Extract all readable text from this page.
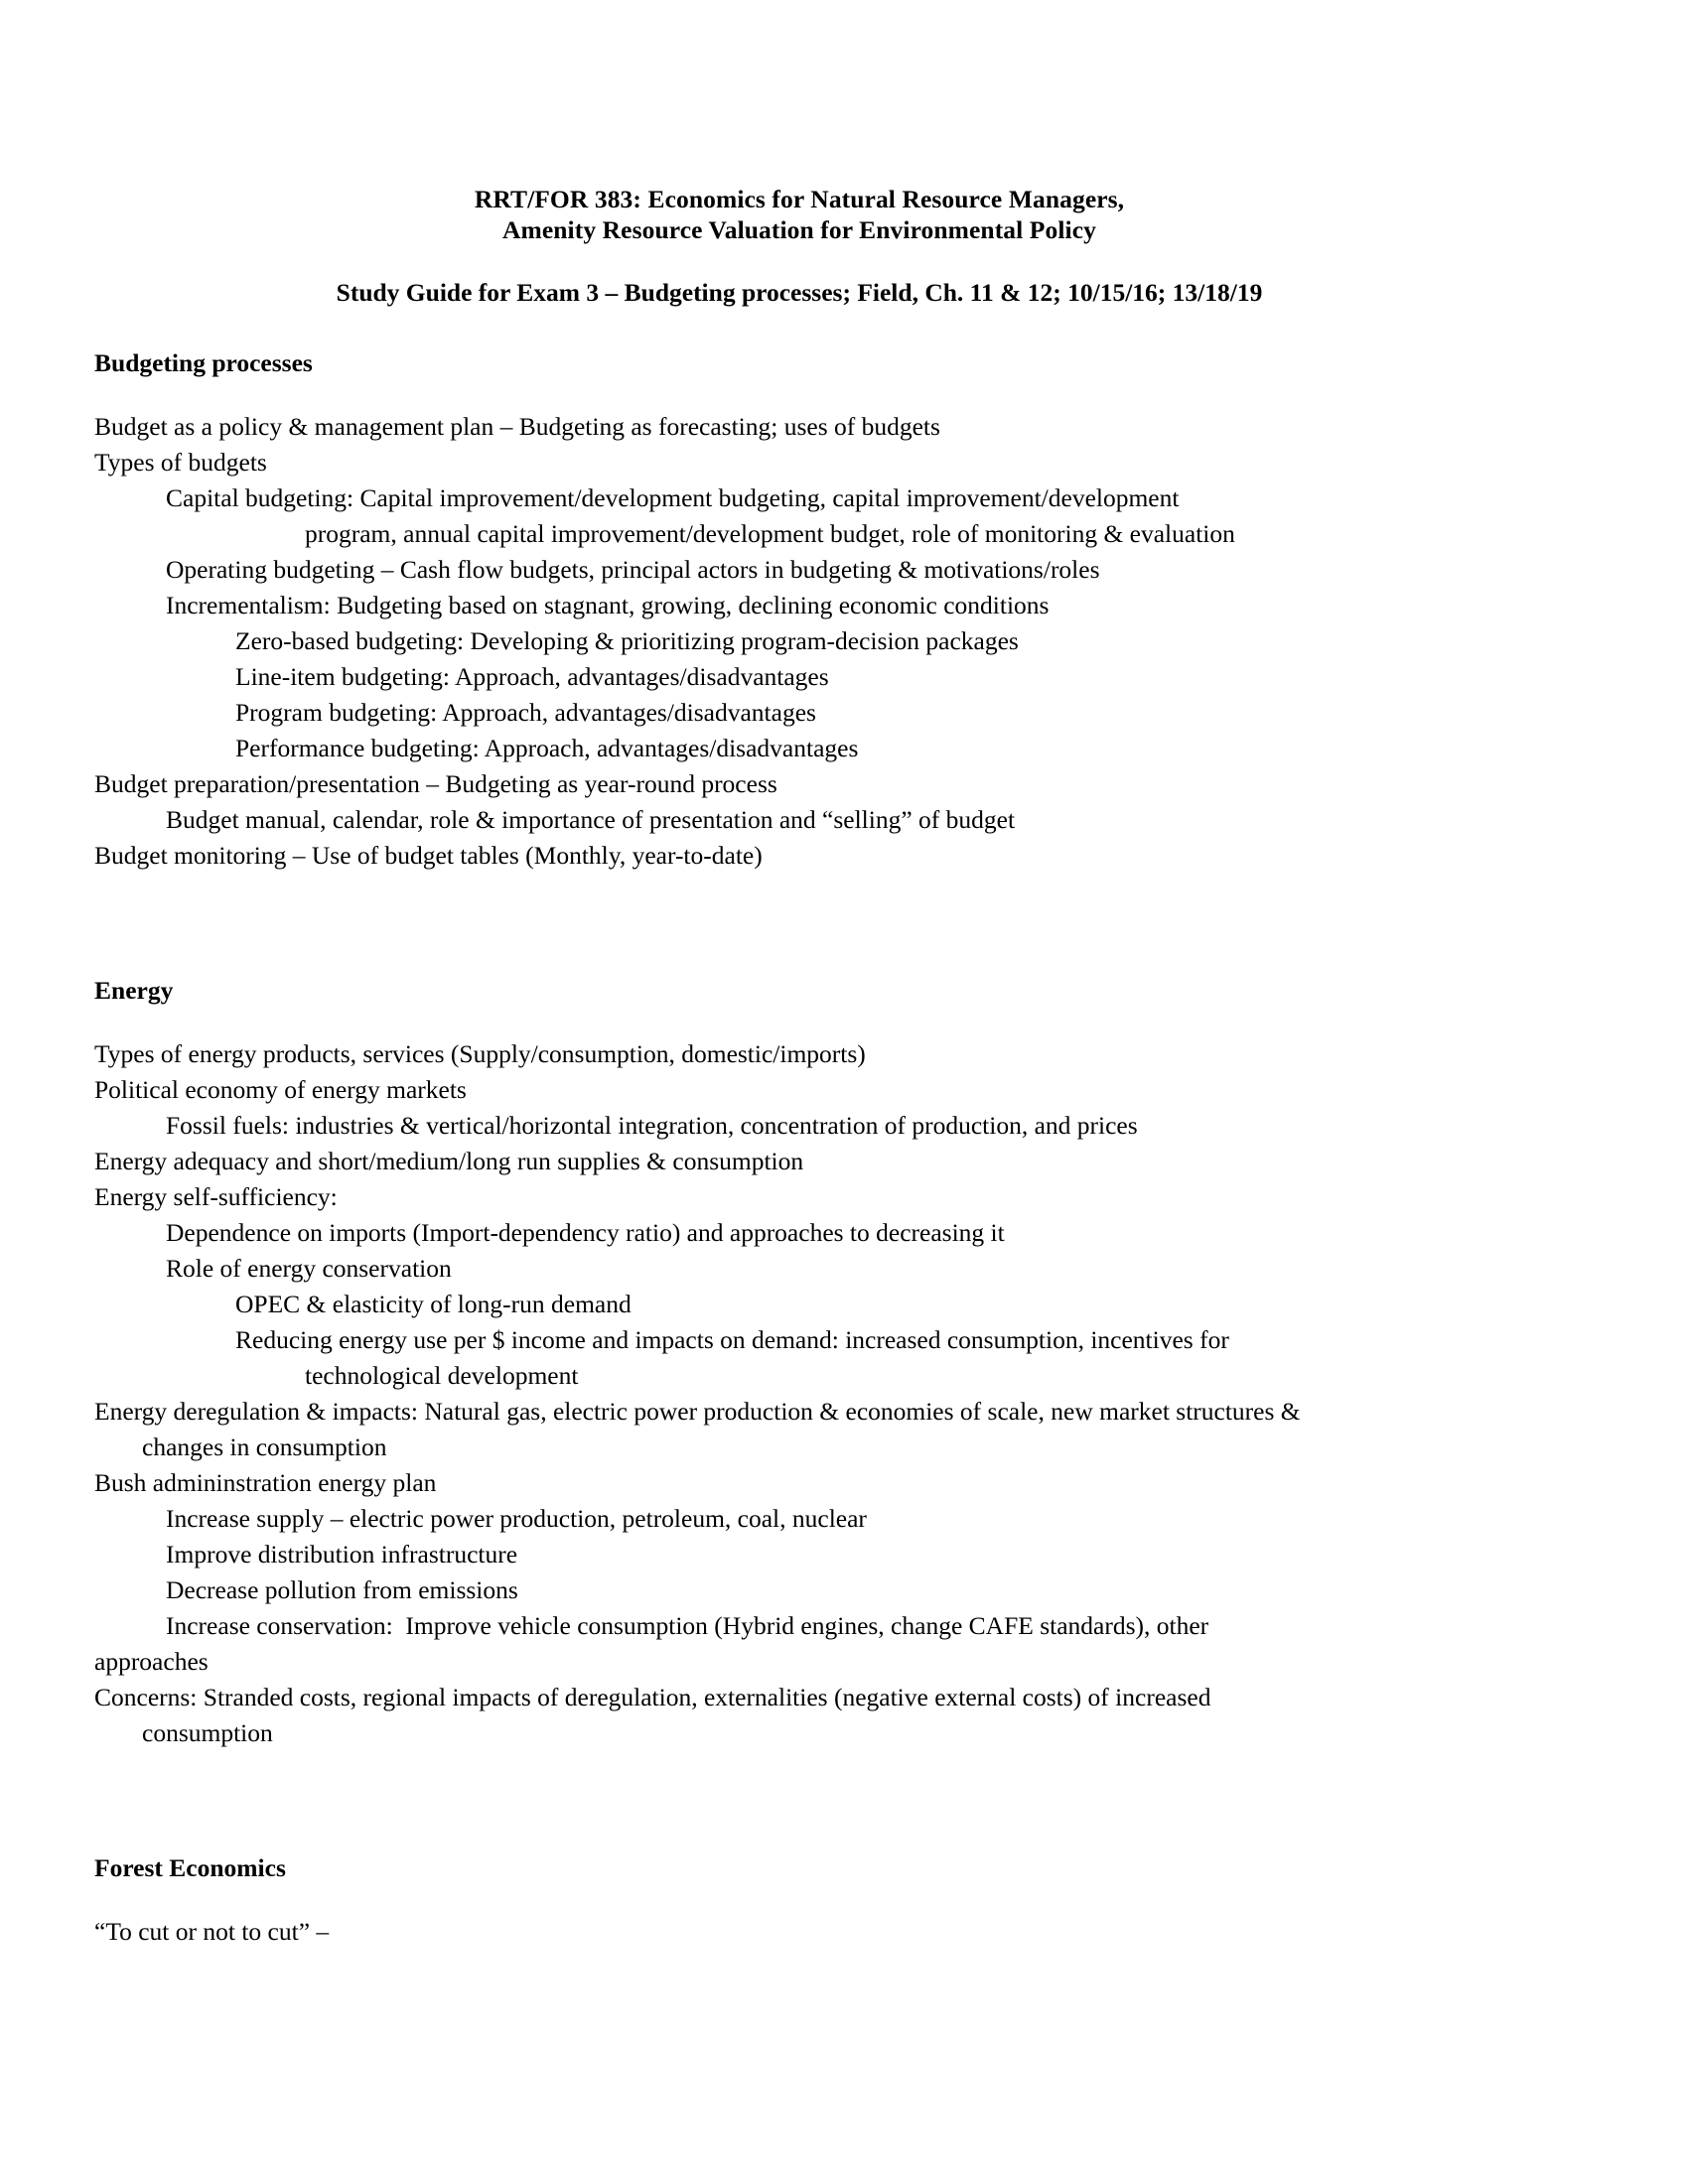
RRT/FOR 383: Economics for Natural Resource Managers,
Amenity Resource Valuation for Environmental Policy
Study Guide for Exam 3 – Budgeting processes; Field, Ch. 11 & 12; 10/15/16; 13/18/19
Budgeting processes
Budget as a policy & management plan – Budgeting as forecasting; uses of budgets
Types of budgets
Capital budgeting: Capital improvement/development budgeting, capital improvement/development
program, annual capital improvement/development budget, role of monitoring & evaluation
Operating budgeting – Cash flow budgets, principal actors in budgeting & motivations/roles
Incrementalism: Budgeting based on stagnant, growing, declining economic conditions
Zero-based budgeting: Developing & prioritizing program-decision packages
Line-item budgeting: Approach, advantages/disadvantages
Program budgeting: Approach, advantages/disadvantages
Performance budgeting: Approach, advantages/disadvantages
Budget preparation/presentation – Budgeting as year-round process
Budget manual, calendar, role & importance of presentation and “selling” of budget
Budget monitoring – Use of budget tables (Monthly, year-to-date)
Energy
Types of energy products, services (Supply/consumption, domestic/imports)
Political economy of energy markets
Fossil fuels: industries & vertical/horizontal integration, concentration of production, and prices
Energy adequacy and short/medium/long run supplies & consumption
Energy self-sufficiency:
Dependence on imports (Import-dependency ratio) and approaches to decreasing it
Role of energy conservation
OPEC & elasticity of long-run demand
Reducing energy use per $ income and impacts on demand: increased consumption, incentives for
technological development
Energy deregulation & impacts: Natural gas, electric power production & economies of scale, new market structures &
changes in consumption
Bush admininstration energy plan
Increase supply – electric power production, petroleum, coal, nuclear
Improve distribution infrastructure
Decrease pollution from emissions
Increase conservation:  Improve vehicle consumption (Hybrid engines, change CAFE standards), other
approaches
Concerns: Stranded costs, regional impacts of deregulation, externalities (negative external costs) of increased
consumption
Forest Economics
“To cut or not to cut” –
